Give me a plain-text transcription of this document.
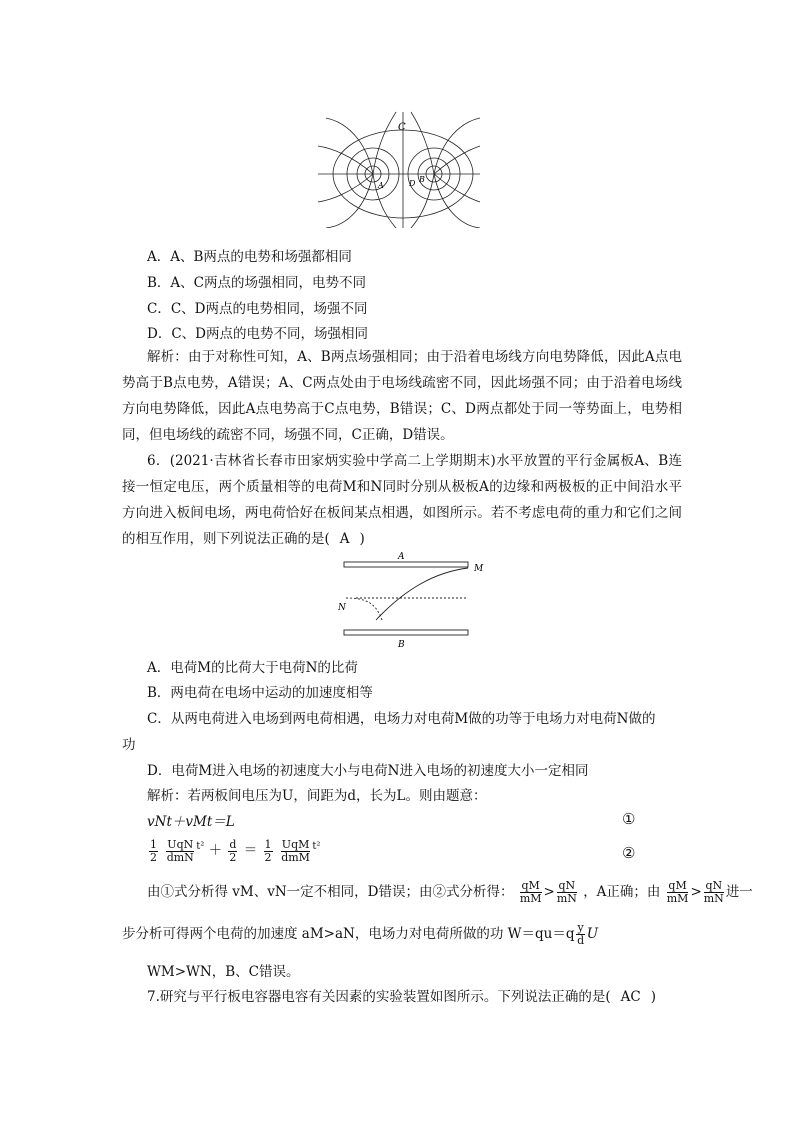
C
A	D B
A．A、B两点的电势和场强都相同
B．A、C两点的场强相同，电势不同
C．C、D两点的电势相同，场强不同
D．C、D两点的电势不同，场强相同

解析：由于对称性可知，A、B两点场强相同；由于沿着电场线方向电势降低，因此A点电势高于B点电势，A错误；A、C两点处由于电场线疏密不同，因此场强不同；由于沿着电场线方向电势降低，因此A点电势高于C点电势，B错误；C、D两点都处于同一等势面上，电势相同，但电场线的疏密不同，场强不同，C正确，D错误。

6．(2021·吉林省长春市田家炳实验中学高二上学期期末)水平放置的平行金属板A、B连接一恒定电压，两个质量相等的电荷M和N同时分别从极板A的边缘和两极板的正中间沿水平方向进入板间电场，两电荷恰好在板间某点相遇，如图所示。若不考虑电荷的重力和它们之间的相互作用，则下列说法正确的是( A )

A
B
M
N
A．电荷M的比荷大于电荷N的比荷
B．两电荷在电场中运动的加速度相等
C．从两电荷进入电场到两电荷相遇，电场力对电荷M做的功等于电场力对电荷N做的
功
D．电荷M进入电场的初速度大小与电荷N进入电场的初速度大小一定相同
解析：若两板间电压为U，间距为d，长为L。则由题意：
vNt＋vMt＝L	①
$\frac{1}{2}$
$\frac{\text{UqN}}{\text{dmN}} ^{t^2} + \frac{d}{2} = \frac{1}{2}$
$\frac{\text{UqM}}{\text{dmM}} ^{t^2}$	②
由①式分析得 vM、vN一定不相同，D错误；由②式分析得： $\frac{qM}{mM} > \frac{qN}{mN}$ ，A正确；由 $\frac{qM}{mM} > \frac{qN}{mN}$ 进一
步分析可得两个电荷的加速度 aM>aN，电场力对电荷所做的功 $W=qu=q \frac{y}{d}$ U
WM>WN，B、C错误。
7.研究与平行板电容器电容有关因素的实验装置如图所示。下列说法正确的是( AC )
